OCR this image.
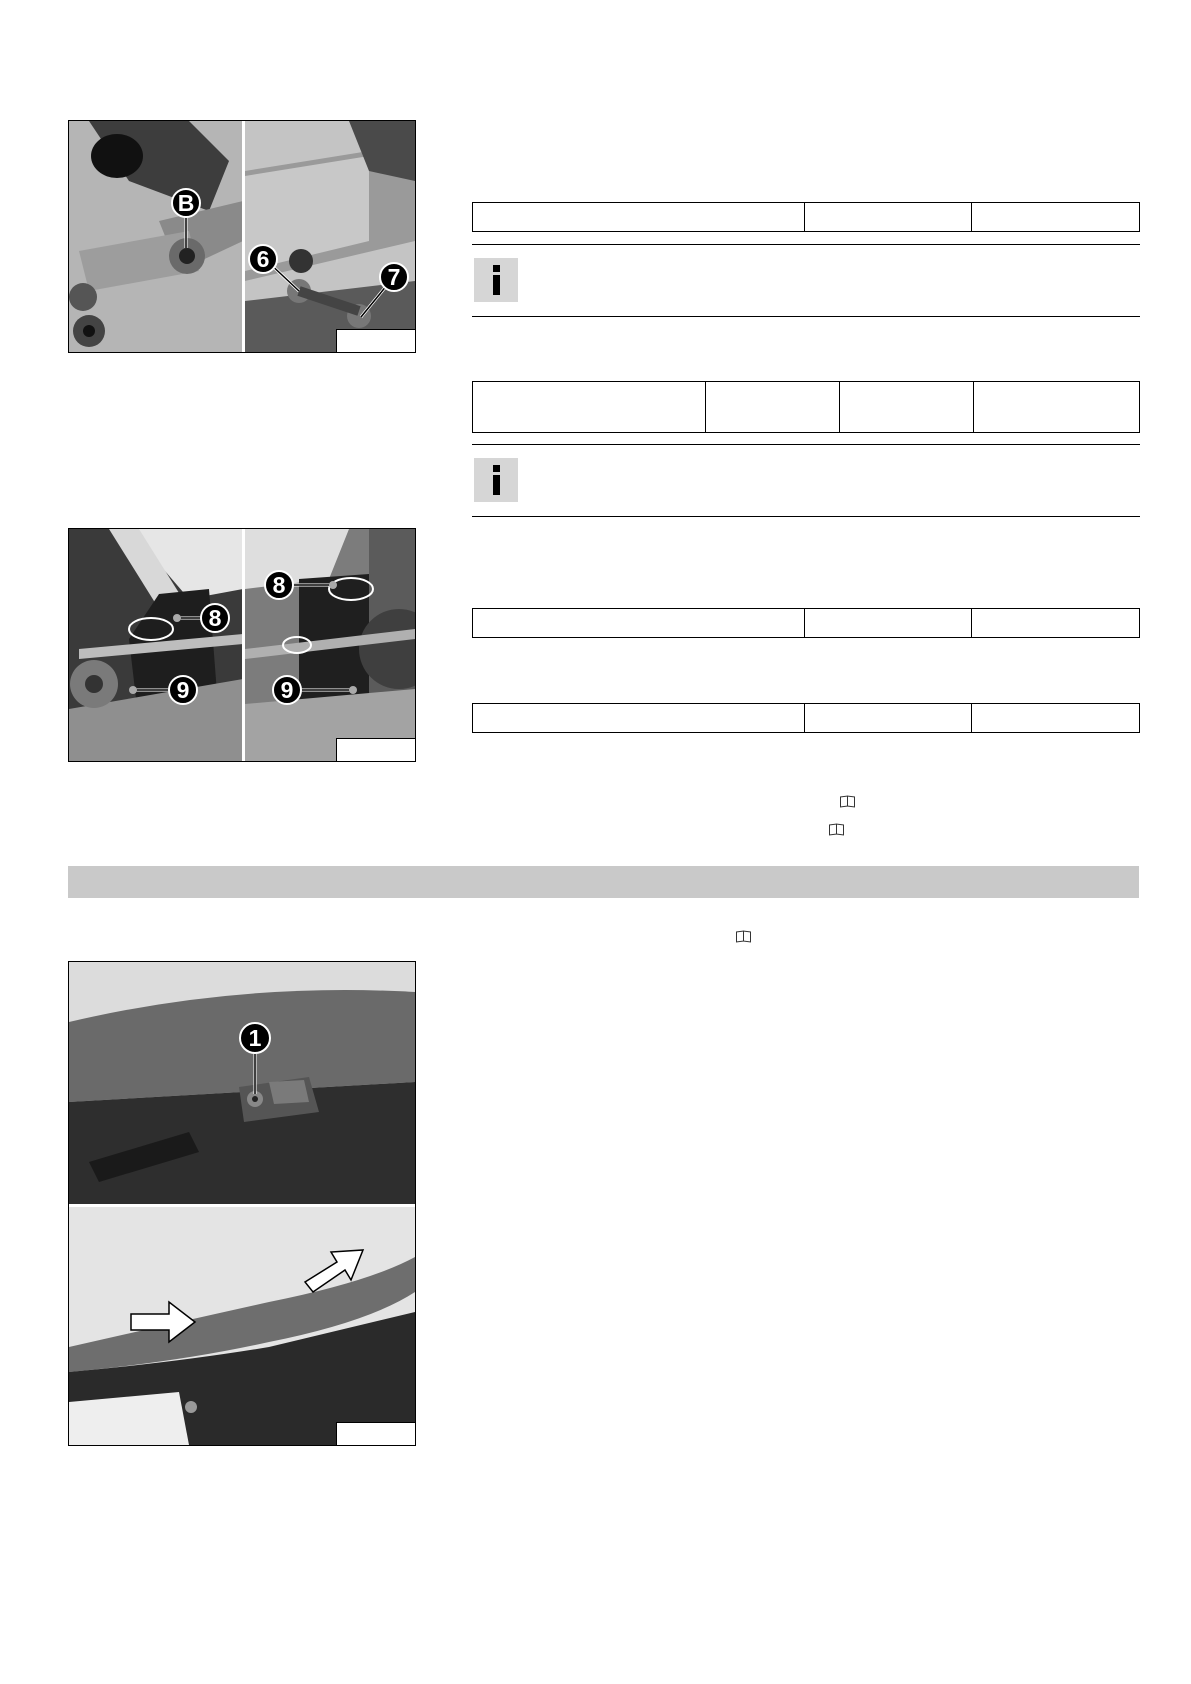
B
6
7

8
8
9	9

1
